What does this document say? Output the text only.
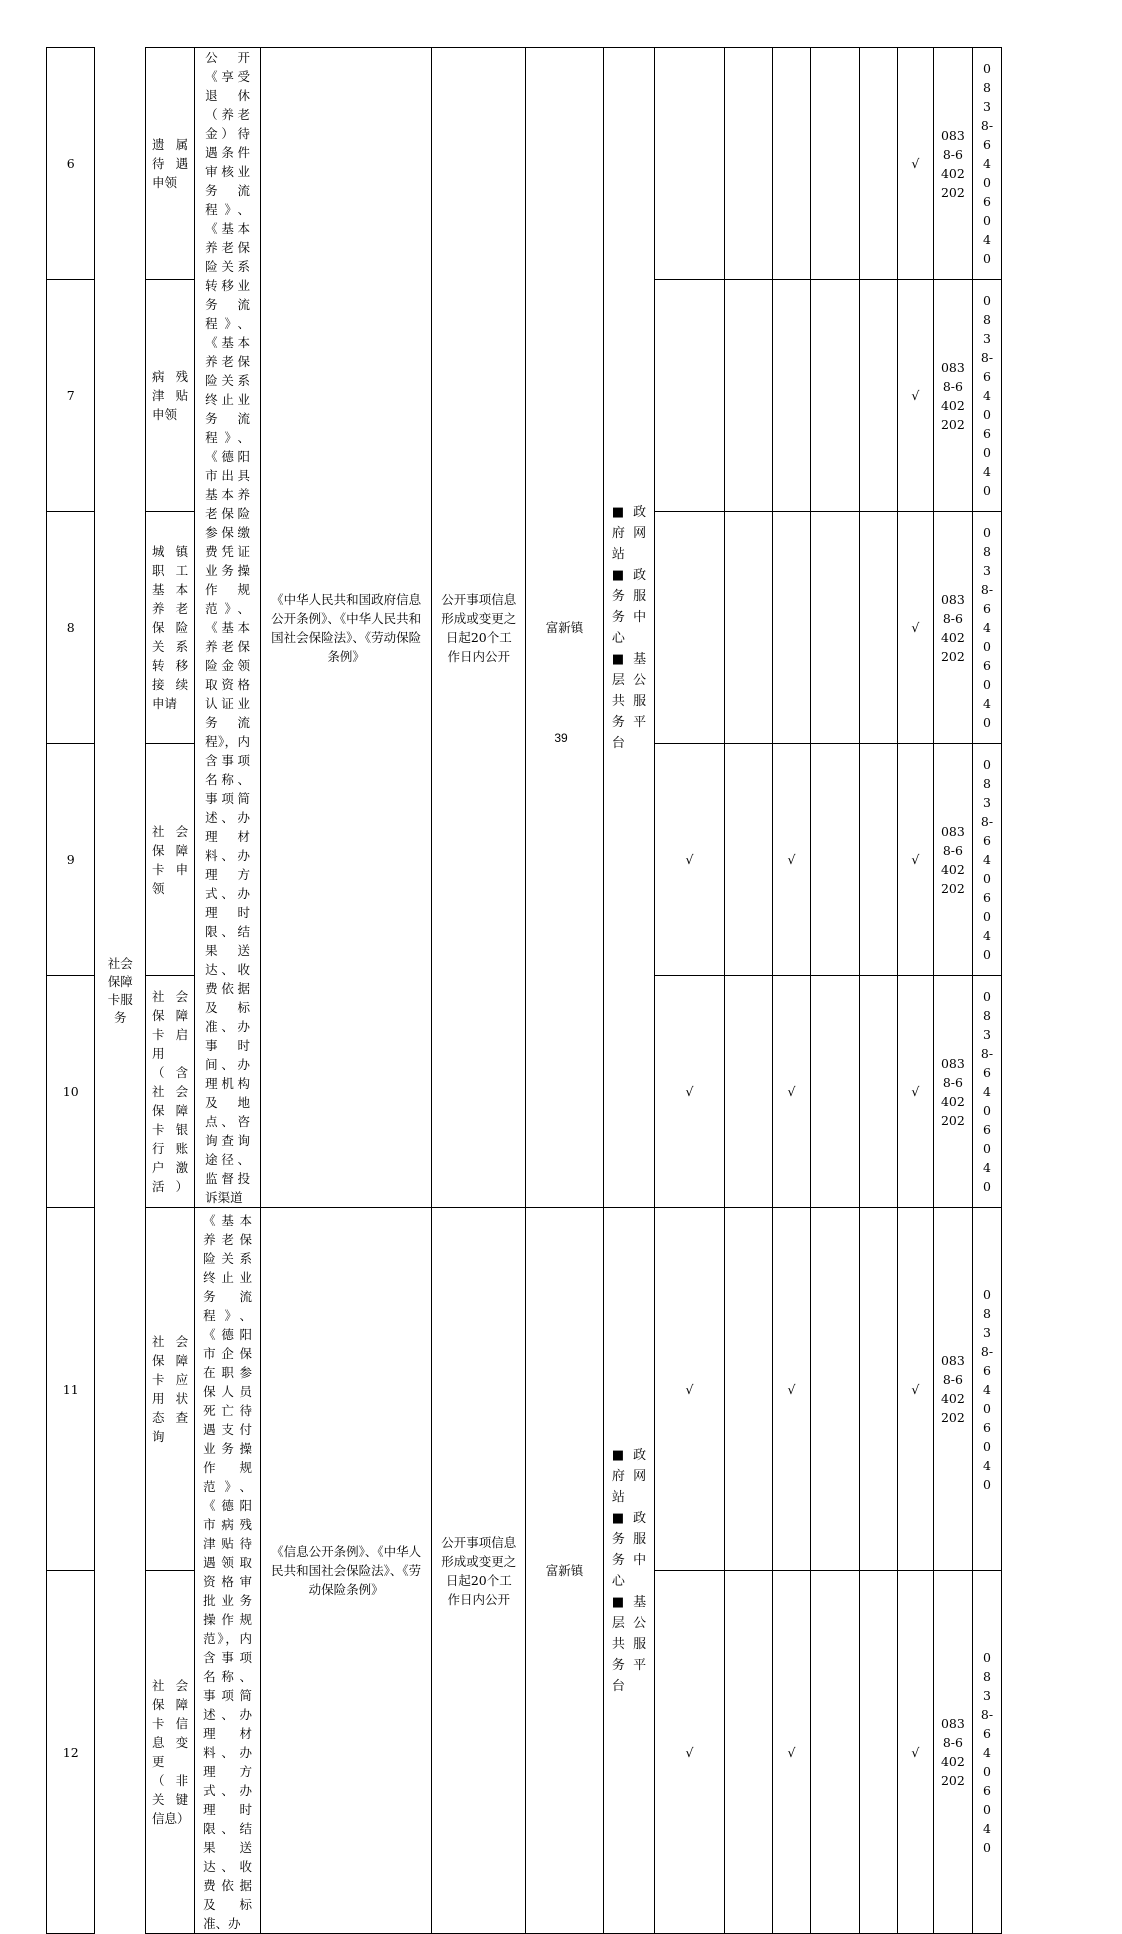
6	社会保障卡服务	遗属待遇申领	公开《享受退休（养老金）待遇条件审核业务流程》、《基本养老保险关系转移业务流程》、《基本养老保险关系终止业务流程》、《德阳市出具基本养老保险参保缴费凭证业务操作规范》、《基本养老保险金领取资格认证业务流程》，内含事项名称、事项简述、办理材料、办理方式、办理时限、结果送达、收费依据及标准、办事时间、办理机构及地点、咨询查询途径、监督投诉渠道	《中华人民共和国政府信息公开条例》、《中华人民共和国社会保险法》、《劳动保险条例》	公开事项信息形成或变更之日起20个工作日内公开	富新镇	■政府网站
■政务服务中心
■基层公共服务平台						√	0838-6402202	0838-6406040
7		病残津贴申领											√	0838-6402202	0838-6406040
8		城镇职工基本养老保险关系转移接续申请											√	0838-6402202	0838-6406040
9		社会保障卡申领						√		√			√	0838-6402202	0838-6406040
10		社会保障卡启用（含社会保障卡银行账户激活）						√		√			√	0838-6402202	0838-6406040
11		社会保障卡应用状态查询	《基本养老保险关系终止业务流程》、《德阳市企保在职参保人员死亡待遇支付业务操作规范》、《德阳市病残津贴待遇领取资格审批业务操作规范》，内含事项名称、事项简述、办理材料、办理方式、办理时限、结果送达、收费依据及标准、办	《信息公开条例》、《中华人民共和国社会保险法》、《劳动保险条例》	公开事项信息形成或变更之日起20个工作日内公开	富新镇	■政府网站
■政务服务中心
■基层公共服务平台	√		√			√	0838-6402202	0838-6406040
12		社会保障卡信息变更（非关键信息）						√		√			√	0838-6402202	0838-6406040
39
